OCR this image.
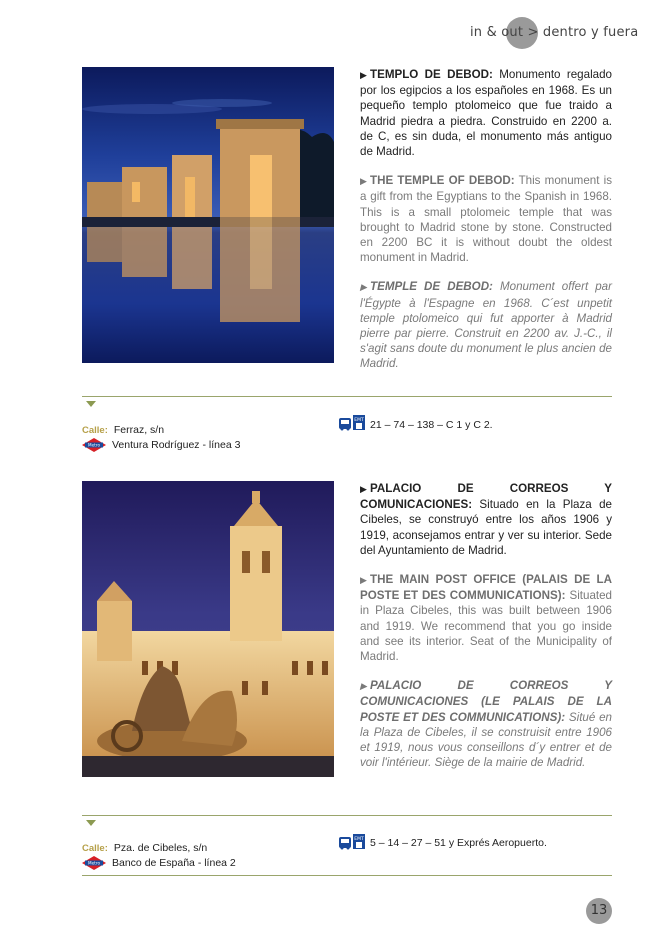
in & out > dentro y fuera

▶ TEMPLO DE DEBOD: Monumento regalado por los egipcios a los españoles en 1968. Es un pequeño templo ptolomeico que fue traido a Madrid piedra a piedra. Construido en 2200 a. de C, es sin duda, el monumento más antiguo de Madrid.

▶ THE TEMPLE OF DEBOD: This monument is a gift from the Egyptians to the Spanish in 1968. This is a small ptolomeic temple that was brought to Madrid stone by stone. Constructed en 2200 BC it is without doubt the oldest monument in Madrid.

▶ TEMPLE DE DEBOD: Monument offert par l'Égypte à l'Espagne en 1968. C´est unpetit temple ptolomeico qui fut apporter à Madrid pierre par pierre. Construit en 2200 av. J.-C., il s'agit sans doute du monument le plus ancien de Madrid.

Calle: Ferraz, s/n
Metro Ventura Rodríguez - línea 3
EMT 21 – 74 – 138 – C 1 y C 2.

▶ PALACIO DE CORREOS Y COMUNICACIONES: Situado en la Plaza de Cibeles, se construyó entre los años 1906 y 1919, aconsejamos entrar y ver su interior. Sede del Ayuntamiento de Madrid.

▶ THE MAIN POST OFFICE (PALAIS DE LA POSTE ET DES COMMUNICATIONS): Situated in Plaza Cibeles, this was built between 1906 and 1919. We recommend that you go inside and see its interior. Seat of the Municipality of Madrid.

▶ PALACIO DE CORREOS Y COMUNICACIONES (LE PALAIS DE LA POSTE ET DES COMMUNICATIONS): Situé en la Plaza de Cibeles, il se construisit entre 1906 et 1919, nous vous conseillons d´y entrer et de voir l'intérieur. Siège de la mairie de Madrid.

Calle: Pza. de Cibeles, s/n
Metro Banco de España - línea 2
EMT 5 – 14 – 27 – 51 y Exprés Aeropuerto.
13
